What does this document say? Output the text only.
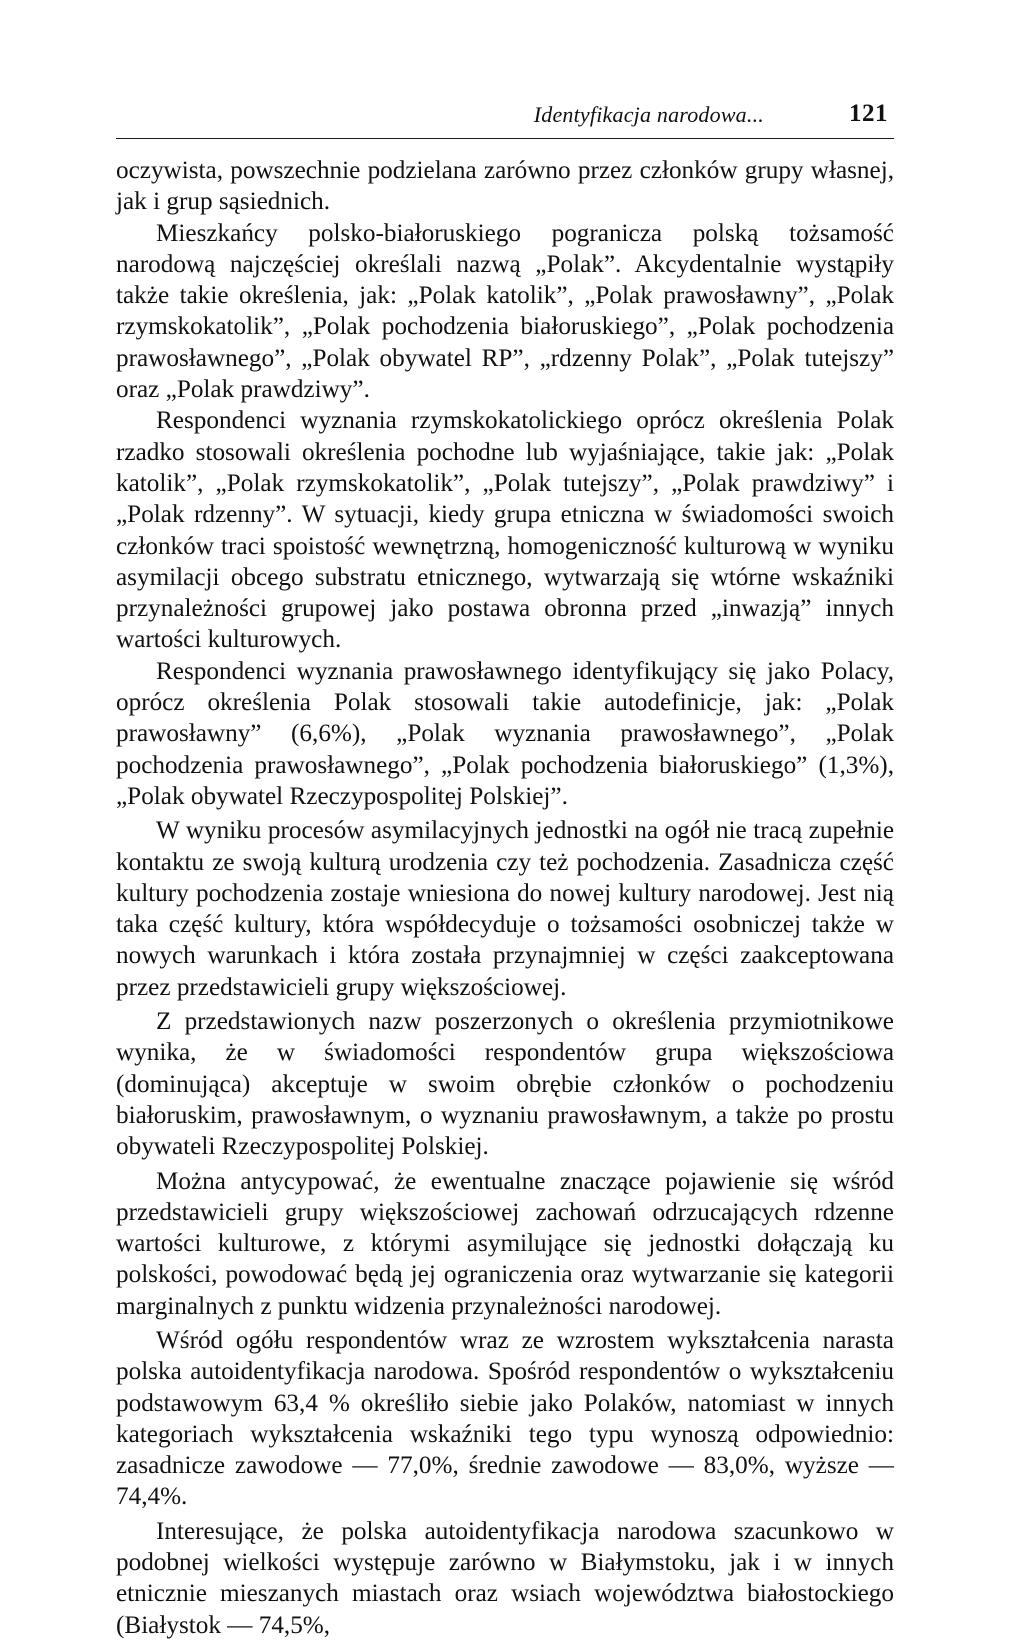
Identyfikacja narodowa...	121

oczywista, powszechnie podzielana zarówno przez członków grupy własnej, jak i grup sąsiednich.

Mieszkańcy polsko-białoruskiego pogranicza polską tożsamość narodową najczęściej określali nazwą „Polak”. Akcydentalnie wystąpiły także takie określenia, jak: „Polak katolik”, „Polak prawosławny”, „Polak rzymskokatolik”, „Polak pochodzenia białoruskiego”, „Polak pochodzenia prawosławnego”, „Polak obywatel RP”, „rdzenny Polak”, „Polak tutejszy” oraz „Polak prawdziwy”.

Respondenci wyznania rzymskokatolickiego oprócz określenia Polak rzadko stosowali określenia pochodne lub wyjaśniające, takie jak: „Polak katolik”, „Polak rzymskokatolik”, „Polak tutejszy”, „Polak prawdziwy” i „Polak rdzenny”. W sytuacji, kiedy grupa etniczna w świadomości swoich członków traci spoistość wewnętrzną, homogeniczność kulturową w wyniku asymilacji obcego substratu etnicznego, wytwarzają się wtórne wskaźniki przynależności grupowej jako postawa obronna przed „inwazją” innych wartości kulturowych.

Respondenci wyznania prawosławnego identyfikujący się jako Polacy, oprócz określenia Polak stosowali takie autodefinicje, jak: „Polak prawosławny” (6,6%), „Polak wyznania prawosławnego”, „Polak pochodzenia prawosławnego”, „Polak pochodzenia białoruskiego” (1,3%), „Polak obywatel Rzeczypospolitej Polskiej”.

W wyniku procesów asymilacyjnych jednostki na ogół nie tracą zupełnie kontaktu ze swoją kulturą urodzenia czy też pochodzenia. Zasadnicza część kultury pochodzenia zostaje wniesiona do nowej kultury narodowej. Jest nią taka część kultury, która współdecyduje o tożsamości osobniczej także w nowych warunkach i która została przynajmniej w części zaakceptowana przez przedstawicieli grupy większościowej.

Z przedstawionych nazw poszerzonych o określenia przymiotnikowe wynika, że w świadomości respondentów grupa większościowa (dominująca) akceptuje w swoim obrębie członków o pochodzeniu białoruskim, prawosławnym, o wyznaniu prawosławnym, a także po prostu obywateli Rzeczypospolitej Polskiej.

Można antycypować, że ewentualne znaczące pojawienie się wśród przedstawicieli grupy większościowej zachowań odrzucających rdzenne wartości kulturowe, z którymi asymilujące się jednostki dołączają ku polskości, powodować będą jej ograniczenia oraz wytwarzanie się kategorii marginalnych z punktu widzenia przynależności narodowej.

Wśród ogółu respondentów wraz ze wzrostem wykształcenia narasta polska autoidentyfikacja narodowa. Spośród respondentów o wykształceniu podstawowym 63,4 % określiło siebie jako Polaków, natomiast w innych kategoriach wykształcenia wskaźniki tego typu wynoszą odpowiednio: zasadnicze zawodowe — 77,0%, średnie zawodowe — 83,0%, wyższe — 74,4%.

Interesujące, że polska autoidentyfikacja narodowa szacunkowo w podobnej wielkości występuje zarówno w Białymstoku, jak i w innych etnicznie mieszanych miastach oraz wsiach województwa białostockiego (Białystok — 74,5%,
